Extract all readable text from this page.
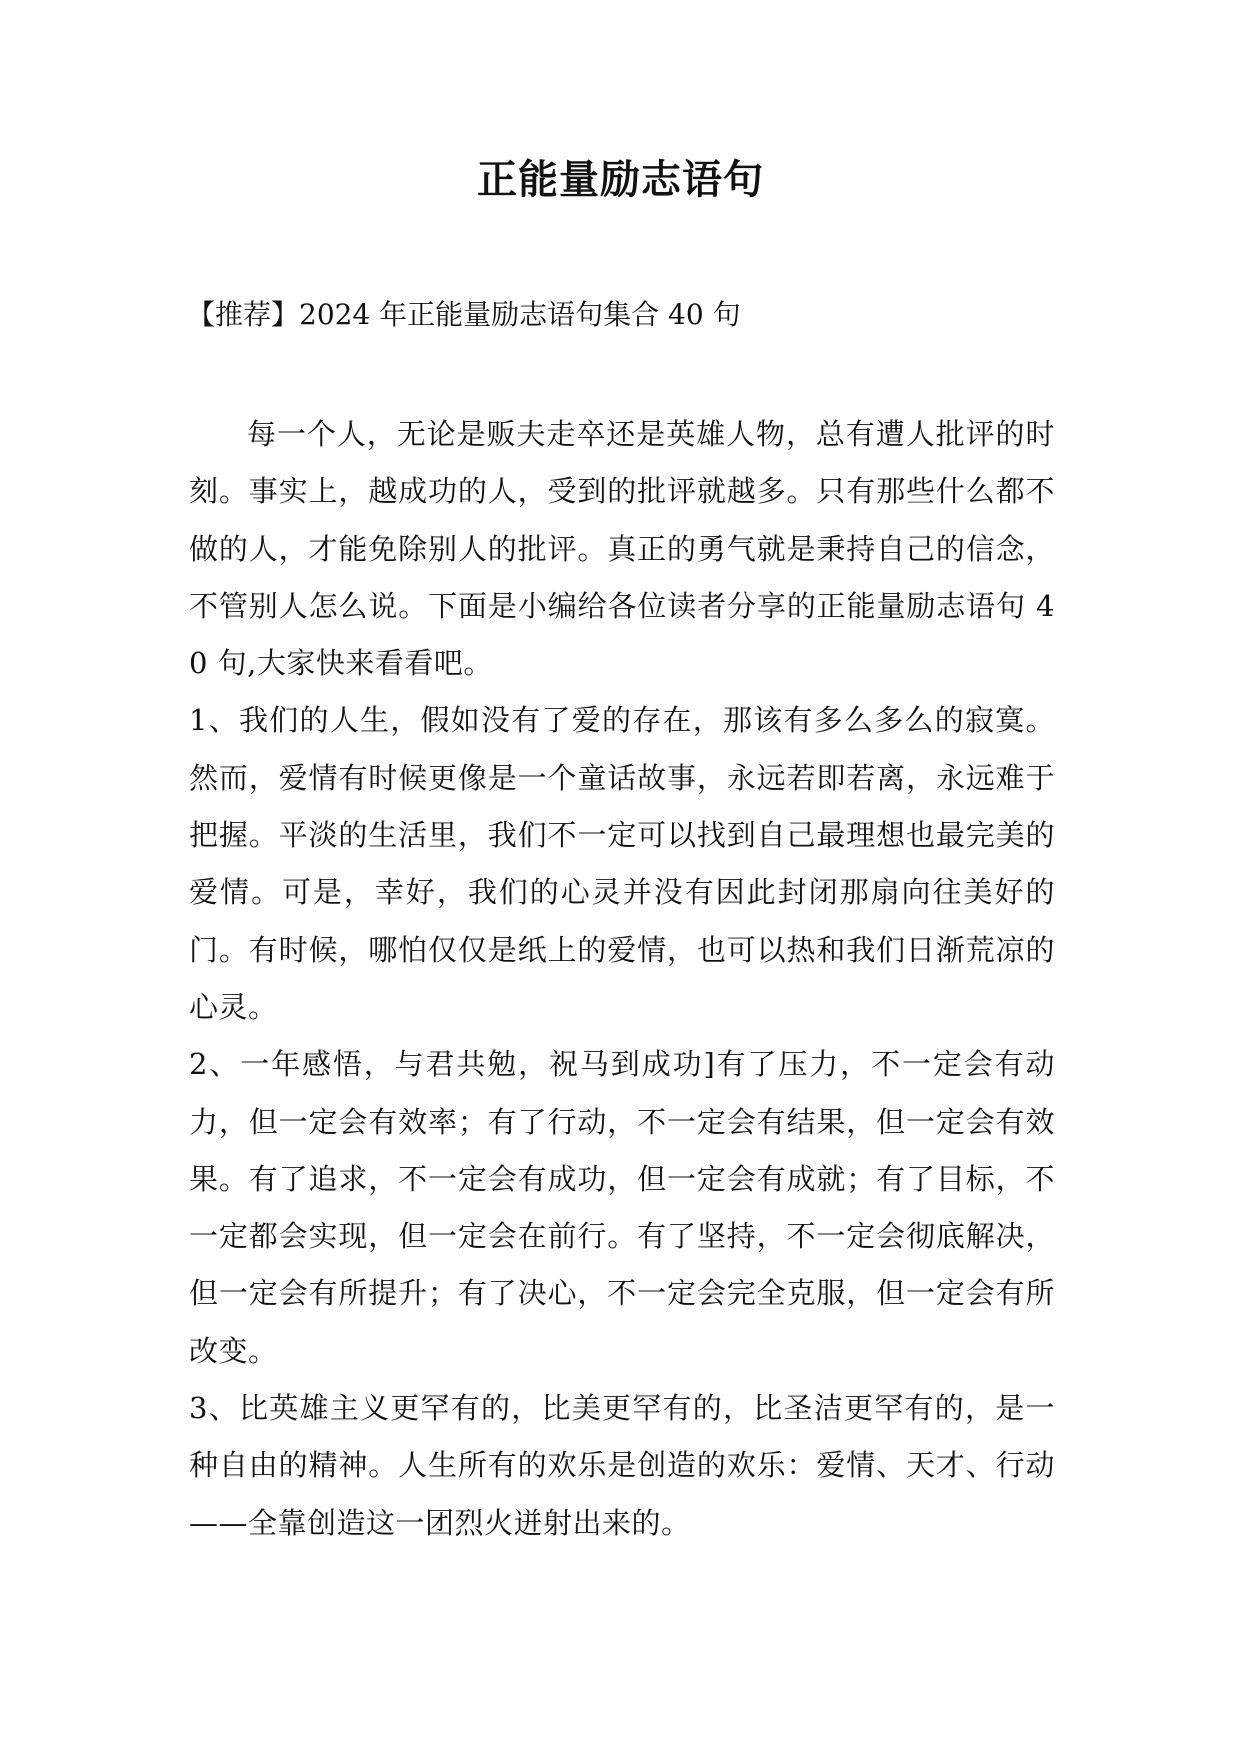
正能量励志语句
【推荐】2024 年正能量励志语句集合 40 句

每一个人，无论是贩夫走卒还是英雄人物，总有遭人批评的时刻。事实上，越成功的人，受到的批评就越多。只有那些什么都不做的人，才能免除别人的批评。真正的勇气就是秉持自己的信念，不管别人怎么说。下面是小编给各位读者分享的正能量励志语句 40 句,大家快来看看吧。

1、我们的人生，假如没有了爱的存在，那该有多么多么的寂寞。然而，爱情有时候更像是一个童话故事，永远若即若离，永远难于把握。平淡的生活里，我们不一定可以找到自己最理想也最完美的爱情。可是，幸好，我们的心灵并没有因此封闭那扇向往美好的门。有时候，哪怕仅仅是纸上的爱情，也可以热和我们日渐荒凉的心灵。

2、一年感悟，与君共勉，祝马到成功]有了压力，不一定会有动力，但一定会有效率；有了行动，不一定会有结果，但一定会有效果。有了追求，不一定会有成功，但一定会有成就；有了目标，不一定都会实现，但一定会在前行。有了坚持，不一定会彻底解决，但一定会有所提升；有了决心，不一定会完全克服，但一定会有所改变。

3、比英雄主义更罕有的，比美更罕有的，比圣洁更罕有的，是一种自由的精神。人生所有的欢乐是创造的欢乐：爱情、天才、行动——全靠创造这一团烈火迸射出来的。
